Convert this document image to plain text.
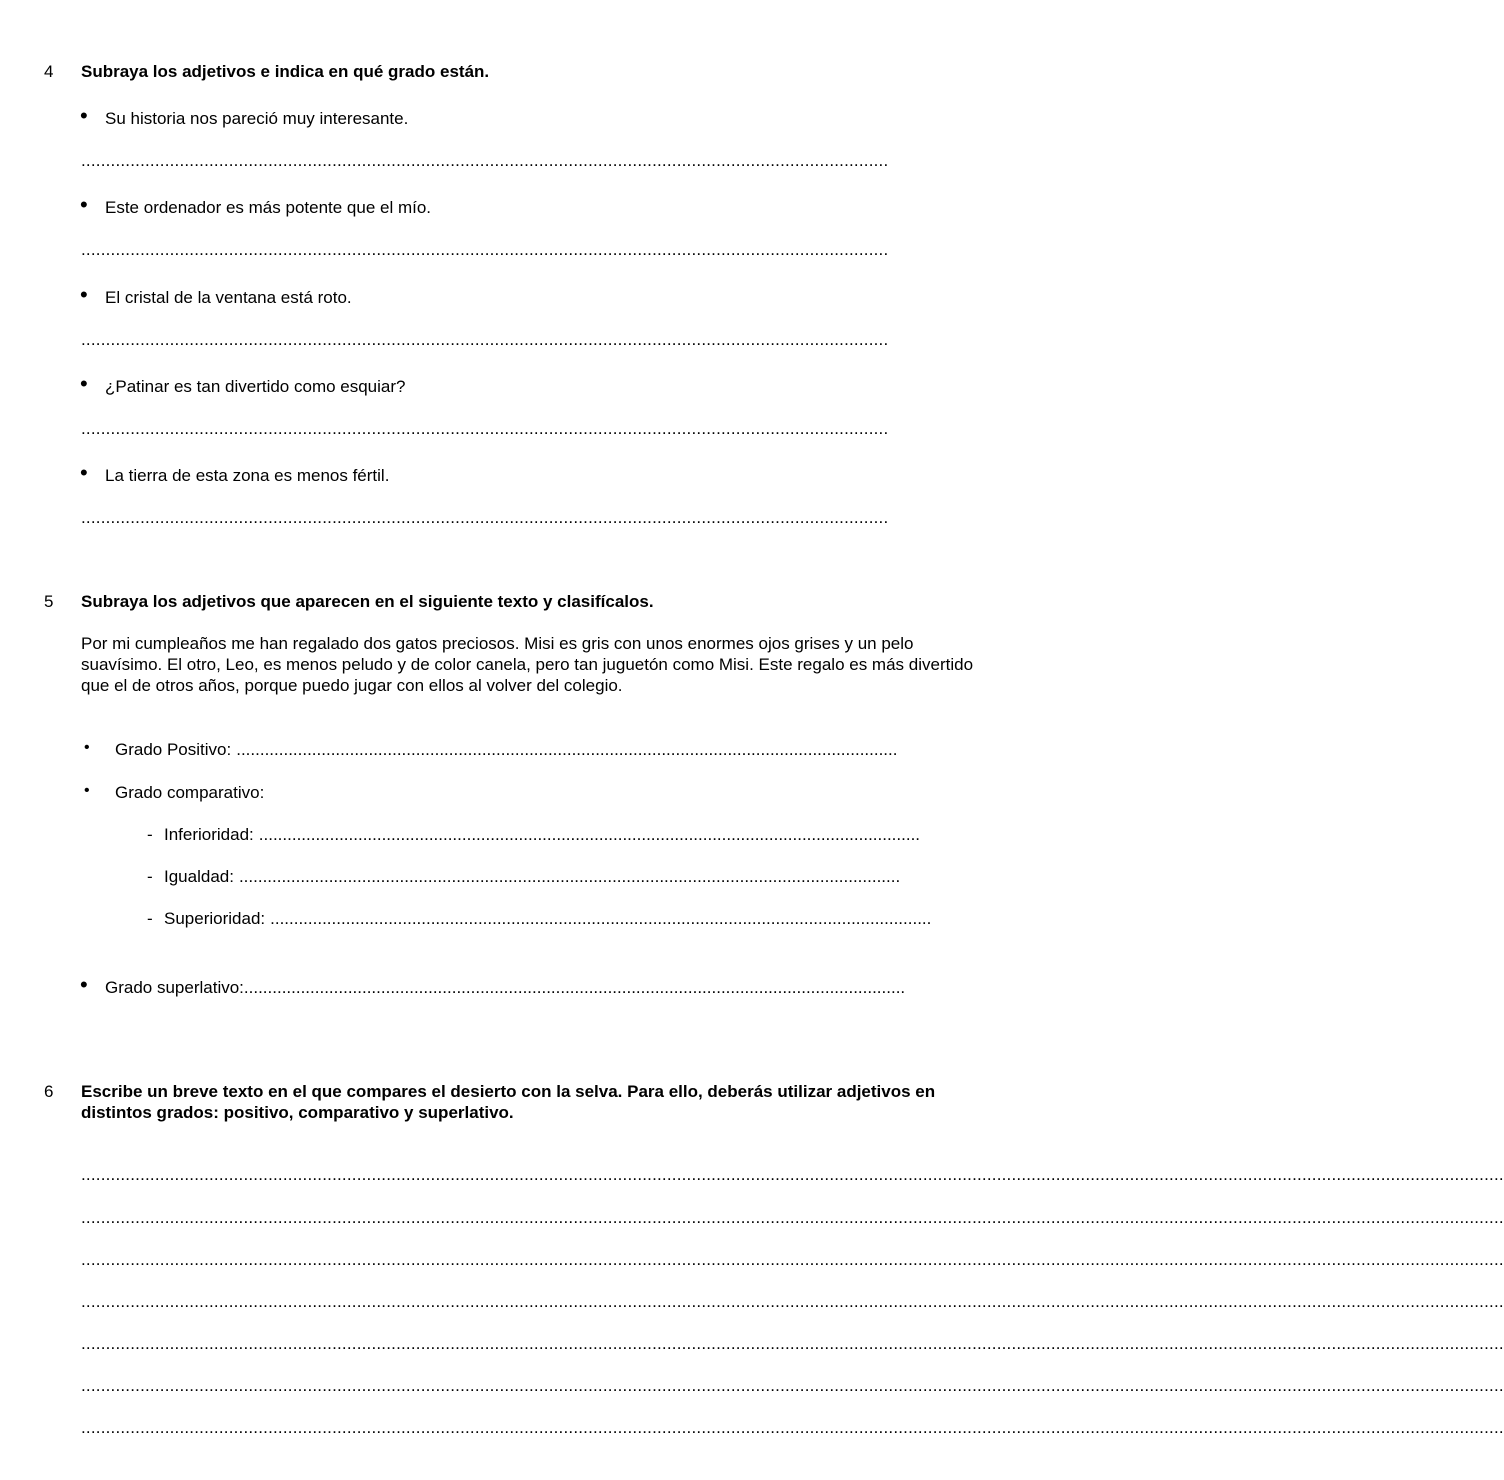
4 Subraya los adjetivos e indica en qué grado están.
• Su historia nos pareció muy interesante.
....................................................................................................................................................................
• Este ordenador es más potente que el mío.
....................................................................................................................................................................
• El cristal de la ventana está roto.
....................................................................................................................................................................
• ¿Patinar es tan divertido como esquiar?
....................................................................................................................................................................
• La tierra de esta zona es menos fértil.
....................................................................................................................................................................
5 Subraya los adjetivos que aparecen en el siguiente texto y clasifícalos.
Por mi cumpleaños me han regalado dos gatos preciosos. Misi es gris con unos enormes ojos grises y un pelo suavísimo. El otro, Leo, es menos peludo y de color canela, pero tan juguetón como Misi. Este regalo es más divertido que el de otros años, porque puedo jugar con ellos al volver del colegio.
• Grado Positivo: ............................................................................................................................................
• Grado comparativo:
- Inferioridad: ............................................................................................................................................
- Igualdad: ............................................................................................................................................
- Superioridad: ............................................................................................................................................
• Grado superlativo: ............................................................................................................................................
6 Escribe un breve texto en el que compares el desierto con la selva. Para ello, deberás utilizar adjetivos en distintos grados: positivo, comparativo y superlativo.
.................................................................................................................................................................................................................................................................................................
.................................................................................................................................................................................................................................................................................................
.................................................................................................................................................................................................................................................................................................
.................................................................................................................................................................................................................................................................................................
.................................................................................................................................................................................................................................................................................................
.................................................................................................................................................................................................................................................................................................
.................................................................................................................................................................................................................................................................................................
